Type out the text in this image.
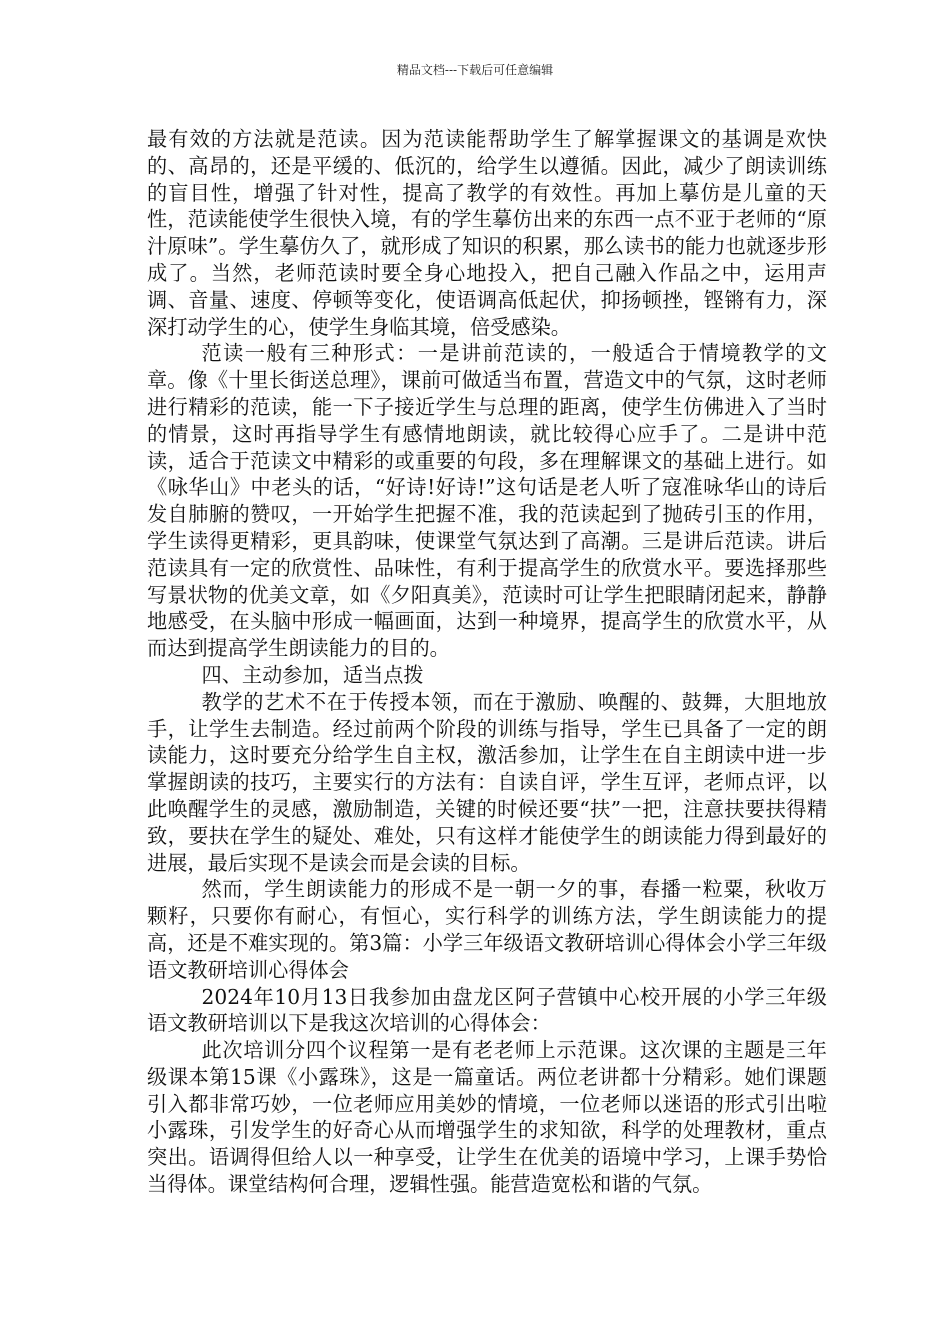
精品文档---下载后可任意编辑

最有效的方法就是范读。因为范读能帮助学生了解掌握课文的基调是欢快的、高昂的，还是平缓的、低沉的，给学生以遵循。因此，减少了朗读训练的盲目性，增强了针对性，提高了教学的有效性。再加上摹仿是儿童的天性，范读能使学生很快入境，有的学生摹仿出来的东西一点不亚于老师的“原汁原味”。学生摹仿久了，就形成了知识的积累，那么读书的能力也就逐步形成了。当然，老师范读时要全身心地投入，把自己融入作品之中，运用声调、音量、速度、停顿等变化，使语调高低起伏，抑扬顿挫，铿锵有力，深深打动学生的心，使学生身临其境，倍受感染。

范读一般有三种形式：一是讲前范读的，一般适合于情境教学的文章。像《十里长街送总理》，课前可做适当布置，营造文中的气氛，这时老师进行精彩的范读，能一下子接近学生与总理的距离，使学生仿佛进入了当时的情景，这时再指导学生有感情地朗读，就比较得心应手了。二是讲中范读，适合于范读文中精彩的或重要的句段，多在理解课文的基础上进行。如《咏华山》中老头的话，“好诗!好诗!”这句话是老人听了寇准咏华山的诗后发自肺腑的赞叹，一开始学生把握不准，我的范读起到了抛砖引玉的作用，学生读得更精彩，更具韵味，使课堂气氛达到了高潮。三是讲后范读。讲后范读具有一定的欣赏性、品味性，有利于提高学生的欣赏水平。要选择那些写景状物的优美文章，如《夕阳真美》，范读时可让学生把眼睛闭起来，静静地感受，在头脑中形成一幅画面，达到一种境界，提高学生的欣赏水平，从而达到提高学生朗读能力的目的。

四、主动参加，适当点拨

教学的艺术不在于传授本领，而在于激励、唤醒的、鼓舞，大胆地放手，让学生去制造。经过前两个阶段的训练与指导，学生已具备了一定的朗读能力，这时要充分给学生自主权，激活参加，让学生在自主朗读中进一步掌握朗读的技巧，主要实行的方法有：自读自评，学生互评，老师点评，以此唤醒学生的灵感，激励制造，关键的时候还要“扶”一把，注意扶要扶得精致，要扶在学生的疑处、难处，只有这样才能使学生的朗读能力得到最好的进展，最后实现不是读会而是会读的目标。

然而，学生朗读能力的形成不是一朝一夕的事，春播一粒粟，秋收万颗籽，只要你有耐心，有恒心，实行科学的训练方法，学生朗读能力的提高，还是不难实现的。第3篇：小学三年级语文教研培训心得体会小学三年级语文教研培训心得体会

2024年10月13日我参加由盘龙区阿子营镇中心校开展的小学三年级语文教研培训以下是我这次培训的心得体会：

此次培训分四个议程第一是有老老师上示范课。这次课的主题是三年级课本第15课《小露珠》，这是一篇童话。两位老讲都十分精彩。她们课题引入都非常巧妙，一位老师应用美妙的情境，一位老师以迷语的形式引出啦小露珠，引发学生的好奇心从而增强学生的求知欲，科学的处理教材，重点突出。语调得但给人以一种享受，让学生在优美的语境中学习，上课手势恰当得体。课堂结构何合理，逻辑性强。能营造宽松和谐的气氛。
